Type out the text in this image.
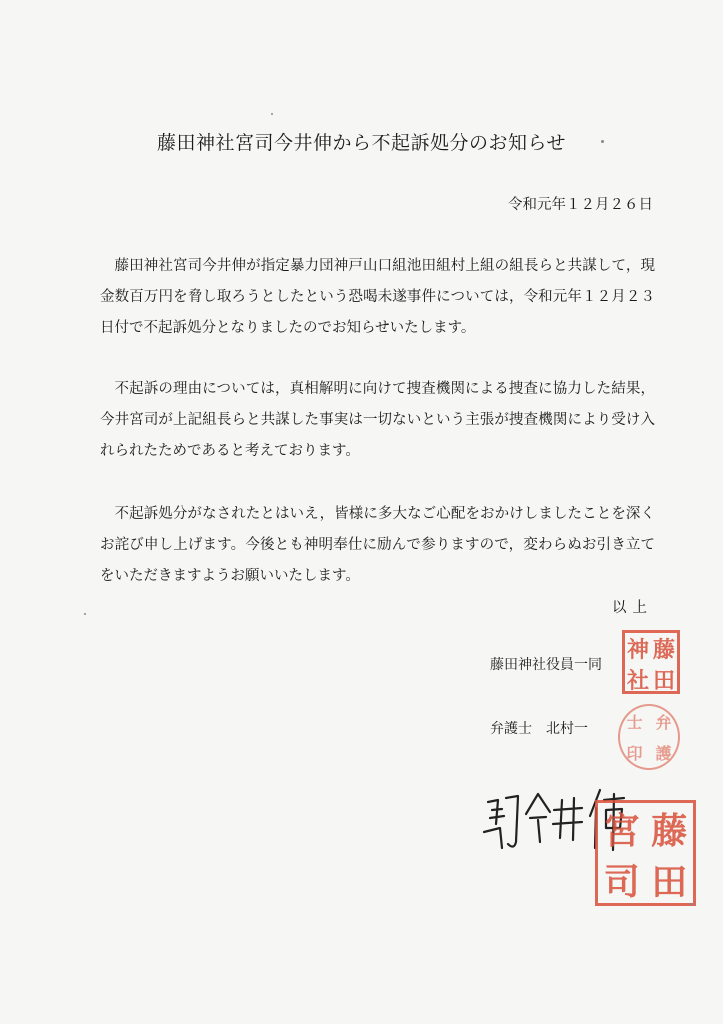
藤田神社宮司今井伸から不起訴処分のお知らせ
令和元年１２月２６日

藤田神社宮司今井伸が指定暴力団神戸山口組池田組村上組の組長らと共謀して，現金数百万円を脅し取ろうとしたという恐喝未遂事件については，令和元年１２月２３日付で不起訴処分となりましたのでお知らせいたします。

不起訴の理由については，真相解明に向けて捜査機関による捜査に協力した結果，今井宮司が上記組長らと共謀した事実は一切ないという主張が捜査機関により受け入れられたためであると考えております。

不起訴処分がなされたとはいえ，皆様に多大なご心配をおかけしましたことを深くお詫び申し上げます。今後とも神明奉仕に励んで参りますので，変わらぬお引き立てをいただきますようお願いいたします。

以上
藤田神社役員一同
弁護士 北村一
神 藤
社 田
士 弁
印 護
宮 藤
司 田
